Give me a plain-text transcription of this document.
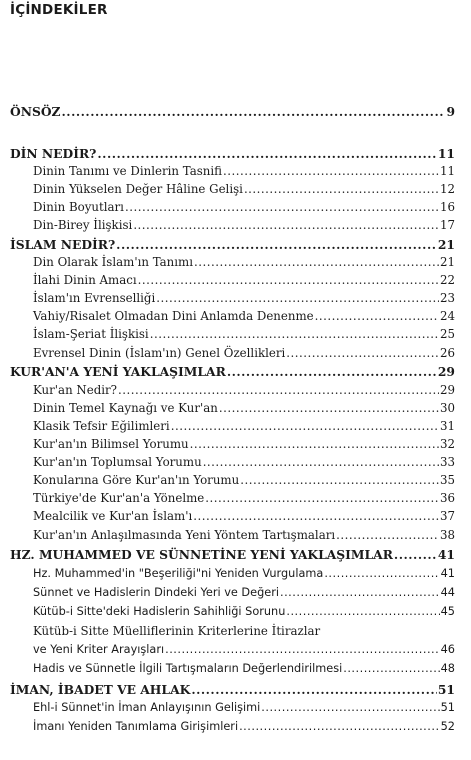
İÇİNDEKİLER
ÖNSÖZ .....	9
DİN NEDİR? .....	11
Dinin Tanımı ve Dinlerin Tasnifi .....	11
Dinin Yükselen Değer Hâline Gelişi .....	12
Dinin Boyutları .....	16
Din-Birey İlişkisi .....	17
İSLAM NEDİR? .....	21
Din Olarak İslam'ın Tanımı .....	21
İlahi Dinin Amacı .....	22
İslam'ın Evrenselliği .....	23
Vahiy/Risalet Olmadan Dini Anlamda Denenme .....	24
İslam-Şeriat İlişkisi .....	25
Evrensel Dinin (İslam'ın) Genel Özellikleri .....	26
KUR'AN'A YENİ YAKLAŞIMLAR .....	29
Kur'an Nedir? .....	29
Dinin Temel Kaynağı ve Kur'an .....	30
Klasik Tefsir Eğilimleri .....	31
Kur'an'ın Bilimsel Yorumu .....	32
Kur'an'ın Toplumsal Yorumu .....	33
Konularına Göre Kur'an'ın Yorumu .....	35
Türkiye'de Kur'an'a Yönelme .....	36
Mealcilik ve Kur'an İslam'ı .....	37
Kur'an'ın Anlaşılmasında Yeni Yöntem Tartışmaları .....	38
HZ. MUHAMMED VE SÜNNETİNE YENİ YAKLAŞIMLAR .....	41
Hz. Muhammed'in "Beşeriliği"ni Yeniden Vurgulama .....	41
Sünnet ve Hadislerin Dindeki Yeri ve Değeri .....	44
Kütüb-i Sitte'deki Hadislerin Sahihliği Sorunu .....	45
Kütüb-i Sitte Müelliflerinin Kriterlerine İtirazlar
ve Yeni Kriter Arayışları .....	46
Hadis ve Sünnetle İlgili Tartışmaların Değerlendirilmesi .....	48
İMAN, İBADET VE AHLAK .....	51
Ehl-i Sünnet'in İman Anlayışının Gelişimi .....	51
İmanı Yeniden Tanımlama Girişimleri .....	52
